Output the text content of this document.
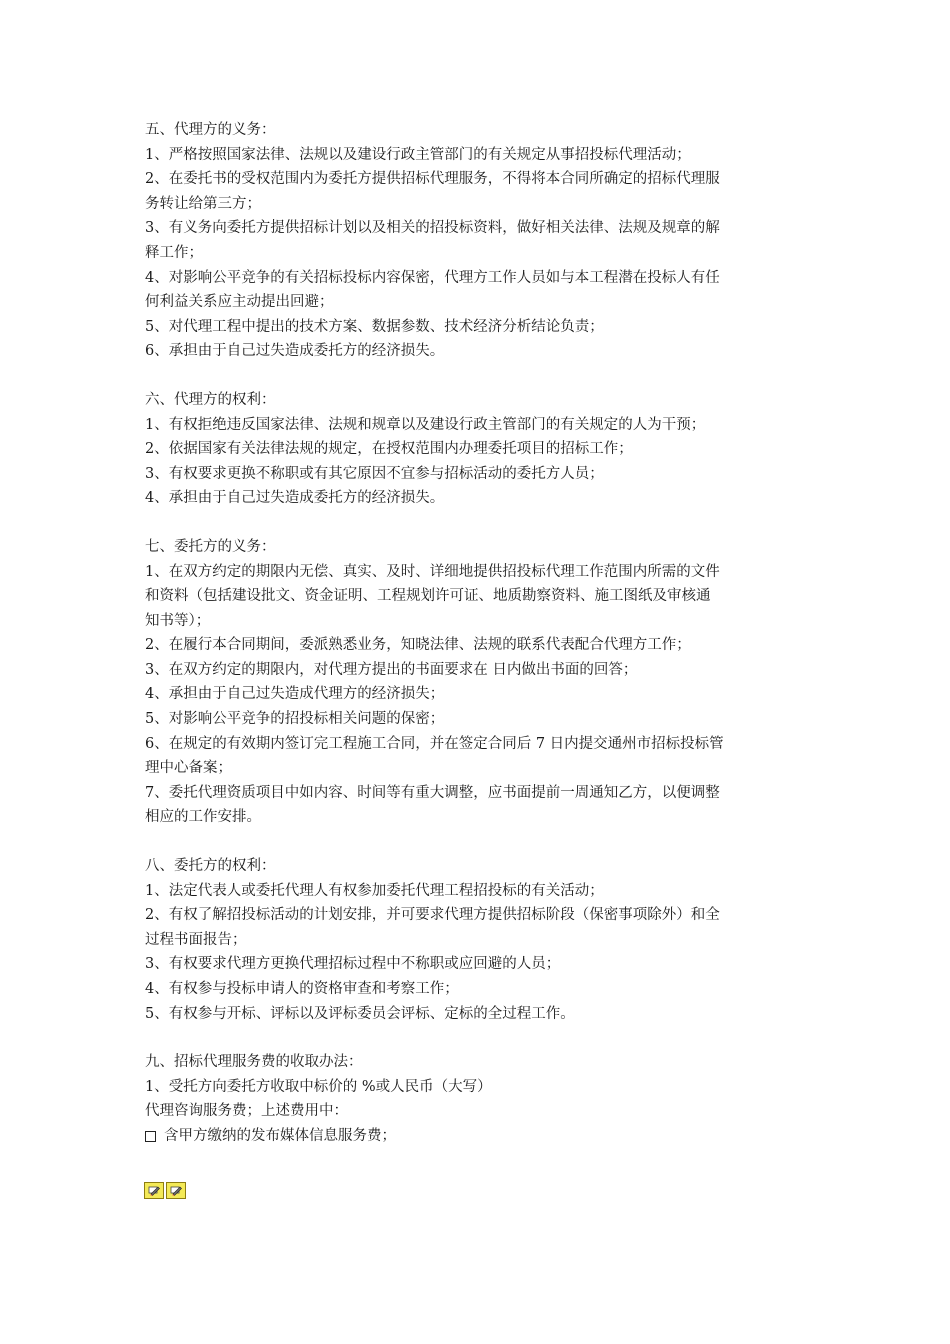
五、代理方的义务：
1、严格按照国家法律、法规以及建设行政主管部门的有关规定从事招投标代理活动；
2、在委托书的受权范围内为委托方提供招标代理服务，不得将本合同所确定的招标代理服
务转让给第三方；
3、有义务向委托方提供招标计划以及相关的招投标资料，做好相关法律、法规及规章的解
释工作；
4、对影响公平竞争的有关招标投标内容保密，代理方工作人员如与本工程潜在投标人有任
何利益关系应主动提出回避；
5、对代理工程中提出的技术方案、数据参数、技术经济分析结论负责；
6、承担由于自己过失造成委托方的经济损失。
六、代理方的权利：
1、有权拒绝违反国家法律、法规和规章以及建设行政主管部门的有关规定的人为干预；
2、依据国家有关法律法规的规定，在授权范围内办理委托项目的招标工作；
3、有权要求更换不称职或有其它原因不宜参与招标活动的委托方人员；
4、承担由于自己过失造成委托方的经济损失。
七、委托方的义务：
1、在双方约定的期限内无偿、真实、及时、详细地提供招投标代理工作范围内所需的文件
和资料（包括建设批文、资金证明、工程规划许可证、地质勘察资料、施工图纸及审核通
知书等）；
2、在履行本合同期间，委派熟悉业务，知晓法律、法规的联系代表配合代理方工作；
3、在双方约定的期限内，对代理方提出的书面要求在 日内做出书面的回答；
4、承担由于自己过失造成代理方的经济损失；
5、对影响公平竞争的招投标相关问题的保密；
6、在规定的有效期内签订完工程施工合同，并在签定合同后 7 日内提交通州市招标投标管
理中心备案；
7、委托代理资质项目中如内容、时间等有重大调整，应书面提前一周通知乙方，以便调整
相应的工作安排。
八、委托方的权利：
1、法定代表人或委托代理人有权参加委托代理工程招投标的有关活动；
2、有权了解招投标活动的计划安排，并可要求代理方提供招标阶段（保密事项除外）和全
过程书面报告；
3、有权要求代理方更换代理招标过程中不称职或应回避的人员；
4、有权参与投标申请人的资格审查和考察工作；
5、有权参与开标、评标以及评标委员会评标、定标的全过程工作。
九、招标代理服务费的收取办法：
1、受托方向委托方收取中标价的 %或人民币（大写）
代理咨询服务费；上述费用中：
含甲方缴纳的发布媒体信息服务费；
